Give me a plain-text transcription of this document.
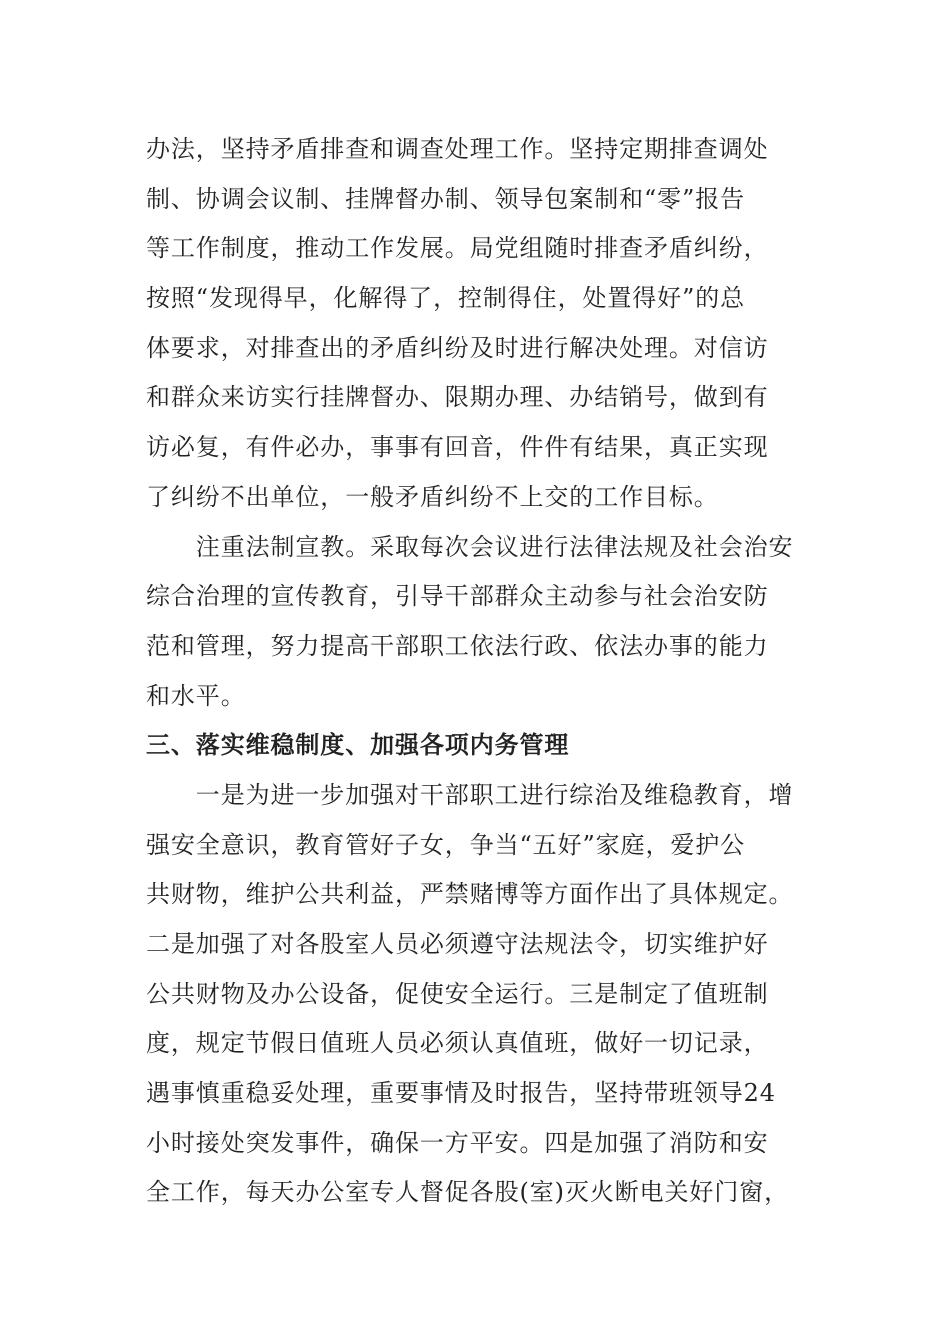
办法，坚持矛盾排查和调查处理工作。坚持定期排查调处
制、协调会议制、挂牌督办制、领导包案制和“零”报告
等工作制度，推动工作发展。局党组随时排查矛盾纠纷，
按照“发现得早，化解得了，控制得住，处置得好”的总
体要求，对排查出的矛盾纠纷及时进行解决处理。对信访
和群众来访实行挂牌督办、限期办理、办结销号，做到有
访必复，有件必办，事事有回音，件件有结果，真正实现
了纠纷不出单位，一般矛盾纠纷不上交的工作目标。
　　注重法制宣教。采取每次会议进行法律法规及社会治安
综合治理的宣传教育，引导干部群众主动参与社会治安防
范和管理，努力提高干部职工依法行政、依法办事的能力
和水平。
三、落实维稳制度、加强各项内务管理
　　一是为进一步加强对干部职工进行综治及维稳教育，增
强安全意识，教育管好子女，争当“五好”家庭，爱护公
共财物，维护公共利益，严禁赌博等方面作出了具体规定。
二是加强了对各股室人员必须遵守法规法令，切实维护好
公共财物及办公设备，促使安全运行。三是制定了值班制
度，规定节假日值班人员必须认真值班，做好一切记录，
遇事慎重稳妥处理，重要事情及时报告，坚持带班领导24
小时接处突发事件，确保一方平安。四是加强了消防和安
全工作，每天办公室专人督促各股(室)灭火断电关好门窗，
